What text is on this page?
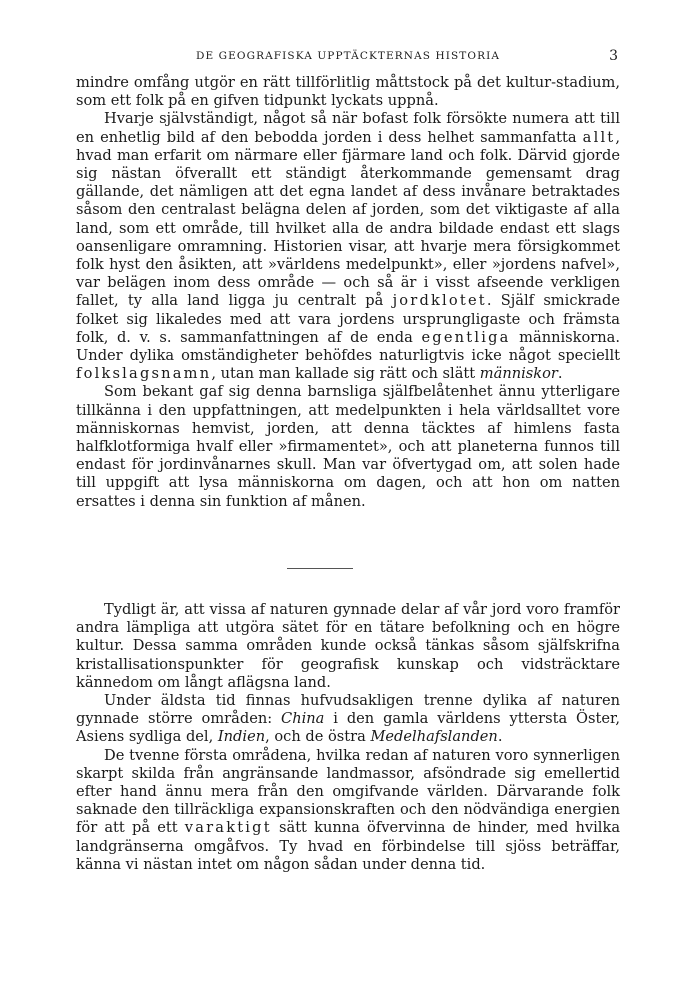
DE GEOGRAFISKA UPPTÄCKTERNAS HISTORIA	3

mindre omfång utgör en rätt tillförlitlig måttstock på det kultur-stadium, som ett folk på en gifven tidpunkt lyckats uppnå.

Hvarje självständigt, något så när bofast folk försökte numera att till en enhetlig bild af den bebodda jorden i dess helhet sammanfatta allt, hvad man erfarit om närmare eller fjärmare land och folk. Därvid gjorde sig nästan öfverallt ett ständigt återkommande gemensamt drag gällande, det nämligen att det egna landet af dess invånare betraktades såsom den centralast belägna delen af jorden, som det viktigaste af alla land, som ett område, till hvilket alla de andra bildade endast ett slags oansenligare omramning. Historien visar, att hvarje mera försigkommet folk hyst den åsikten, att »världens medelpunkt», eller »jordens nafvel», var belägen inom dess område — och så är i visst afseende verkligen fallet, ty alla land ligga ju centralt på jordklotet. Själf smickrade folket sig likaledes med att vara jordens ursprungligaste och främsta folk, d. v. s. sammanfattningen af de enda egentliga människorna. Under dylika omständigheter behöfdes naturligtvis icke något speciellt folkslagsnamn, utan man kallade sig rätt och slätt människor.

Som bekant gaf sig denna barnsliga själfbelåtenhet ännu ytterligare tillkänna i den uppfattningen, att medelpunkten i hela världsalltet vore människornas hemvist, jorden, att denna täcktes af himlens fasta halfklotformiga hvalf eller »firmamentet», och att planeterna funnos till endast för jordinvånarnes skull. Man var öfvertygad om, att solen hade till uppgift att lysa människorna om dagen, och att hon om natten ersattes i denna sin funktion af månen.

Tydligt är, att vissa af naturen gynnade delar af vår jord voro framför andra lämpliga att utgöra sätet för en tätare befolkning och en högre kultur. Dessa samma områden kunde också tänkas såsom själfskrifna kristallisationspunkter för geografisk kunskap och vidsträcktare kännedom om långt aflägsna land.

Under äldsta tid finnas hufvudsakligen trenne dylika af naturen gynnade större områden: China i den gamla världens yttersta Öster, Asiens sydliga del, Indien, och de östra Medelhafslanden.

De tvenne första områdena, hvilka redan af naturen voro synnerligen skarpt skilda från angränsande landmassor, afsöndrade sig emellertid efter hand ännu mera från den omgifvande världen. Därvarande folk saknade den tillräckliga expansionskraften och den nödvändiga energien för att på ett varaktigt sätt kunna öfvervinna de hinder, med hvilka landgränserna omgåfvos. Ty hvad en förbindelse till sjöss beträffar, känna vi nästan intet om någon sådan under denna tid.
